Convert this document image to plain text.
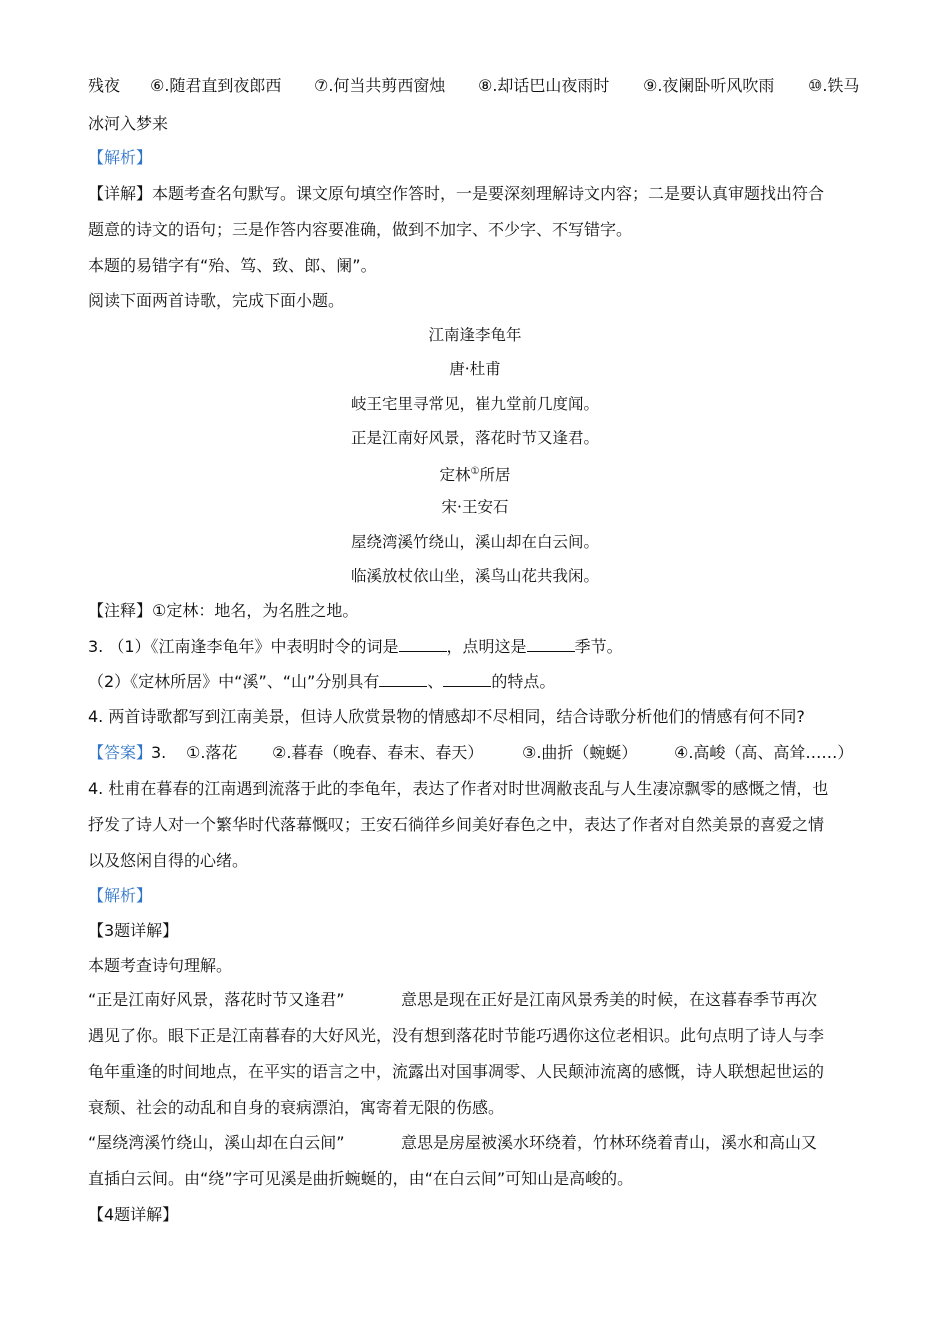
残夜 ⑥.随君直到夜郎西 ⑦.何当共剪西窗烛 ⑧.却话巴山夜雨时 ⑨.夜阑卧听风吹雨 ⑩.铁马
冰河入梦来
【解析】
【详解】本题考查名句默写。课文原句填空作答时，一是要深刻理解诗文内容；二是要认真审题找出符合
题意的诗文的语句；三是作答内容要准确，做到不加字、不少字、不写错字。
本题的易错字有“殆、笃、致、郎、阑”。
阅读下面两首诗歌，完成下面小题。
江南逢李龟年
唐·杜甫
岐王宅里寻常见，崔九堂前几度闻。
正是江南好风景，落花时节又逢君。
定林①所居
宋·王安石
屋绕湾溪竹绕山，溪山却在白云间。
临溪放杖依山坐，溪鸟山花共我闲。
【注释】①定林：地名，为名胜之地。
3. （1）《江南逢李龟年》中表明时令的词是	，点明这是	季节。
（2）《定林所居》中“溪”、“山”分别具有	、	的特点。
4. 两首诗歌都写到江南美景，但诗人欣赏景物的情感却不尽相同，结合诗歌分析他们的情感有何不同?
【答案】
3. ①.落花 ②.暮春（晚春、春末、春天） ③.曲折（蜿蜒） ④.高峻（高、高耸……）
4. 杜甫在暮春的江南遇到流落于此的李龟年，表达了作者对时世凋敝丧乱与人生凄凉飘零的感慨之情，也
抒发了诗人对一个繁华时代落幕慨叹；王安石徜徉乡间美好春色之中，表达了作者对自然美景的喜爱之情
以及悠闲自得的心绪。
【解析】
【3题详解】
本题考查诗句理解。
“正是江南好风景，落花时节又逢君”	意思是现在正好是江南风景秀美的时候，在这暮春季节再次
遇见了你。眼下正是江南暮春的大好风光，没有想到落花时节能巧遇你这位老相识。此句点明了诗人与李
龟年重逢的时间地点，在平实的语言之中，流露出对国事凋零、人民颠沛流离的感慨，诗人联想起世运的
衰颓、社会的动乱和自身的衰病漂泊，寓寄着无限的伤感。
“屋绕湾溪竹绕山，溪山却在白云间”	意思是房屋被溪水环绕着，竹林环绕着青山，溪水和高山又
直插白云间。由“绕”字可见溪是曲折蜿蜒的，由“在白云间”可知山是高峻的。
【4题详解】
